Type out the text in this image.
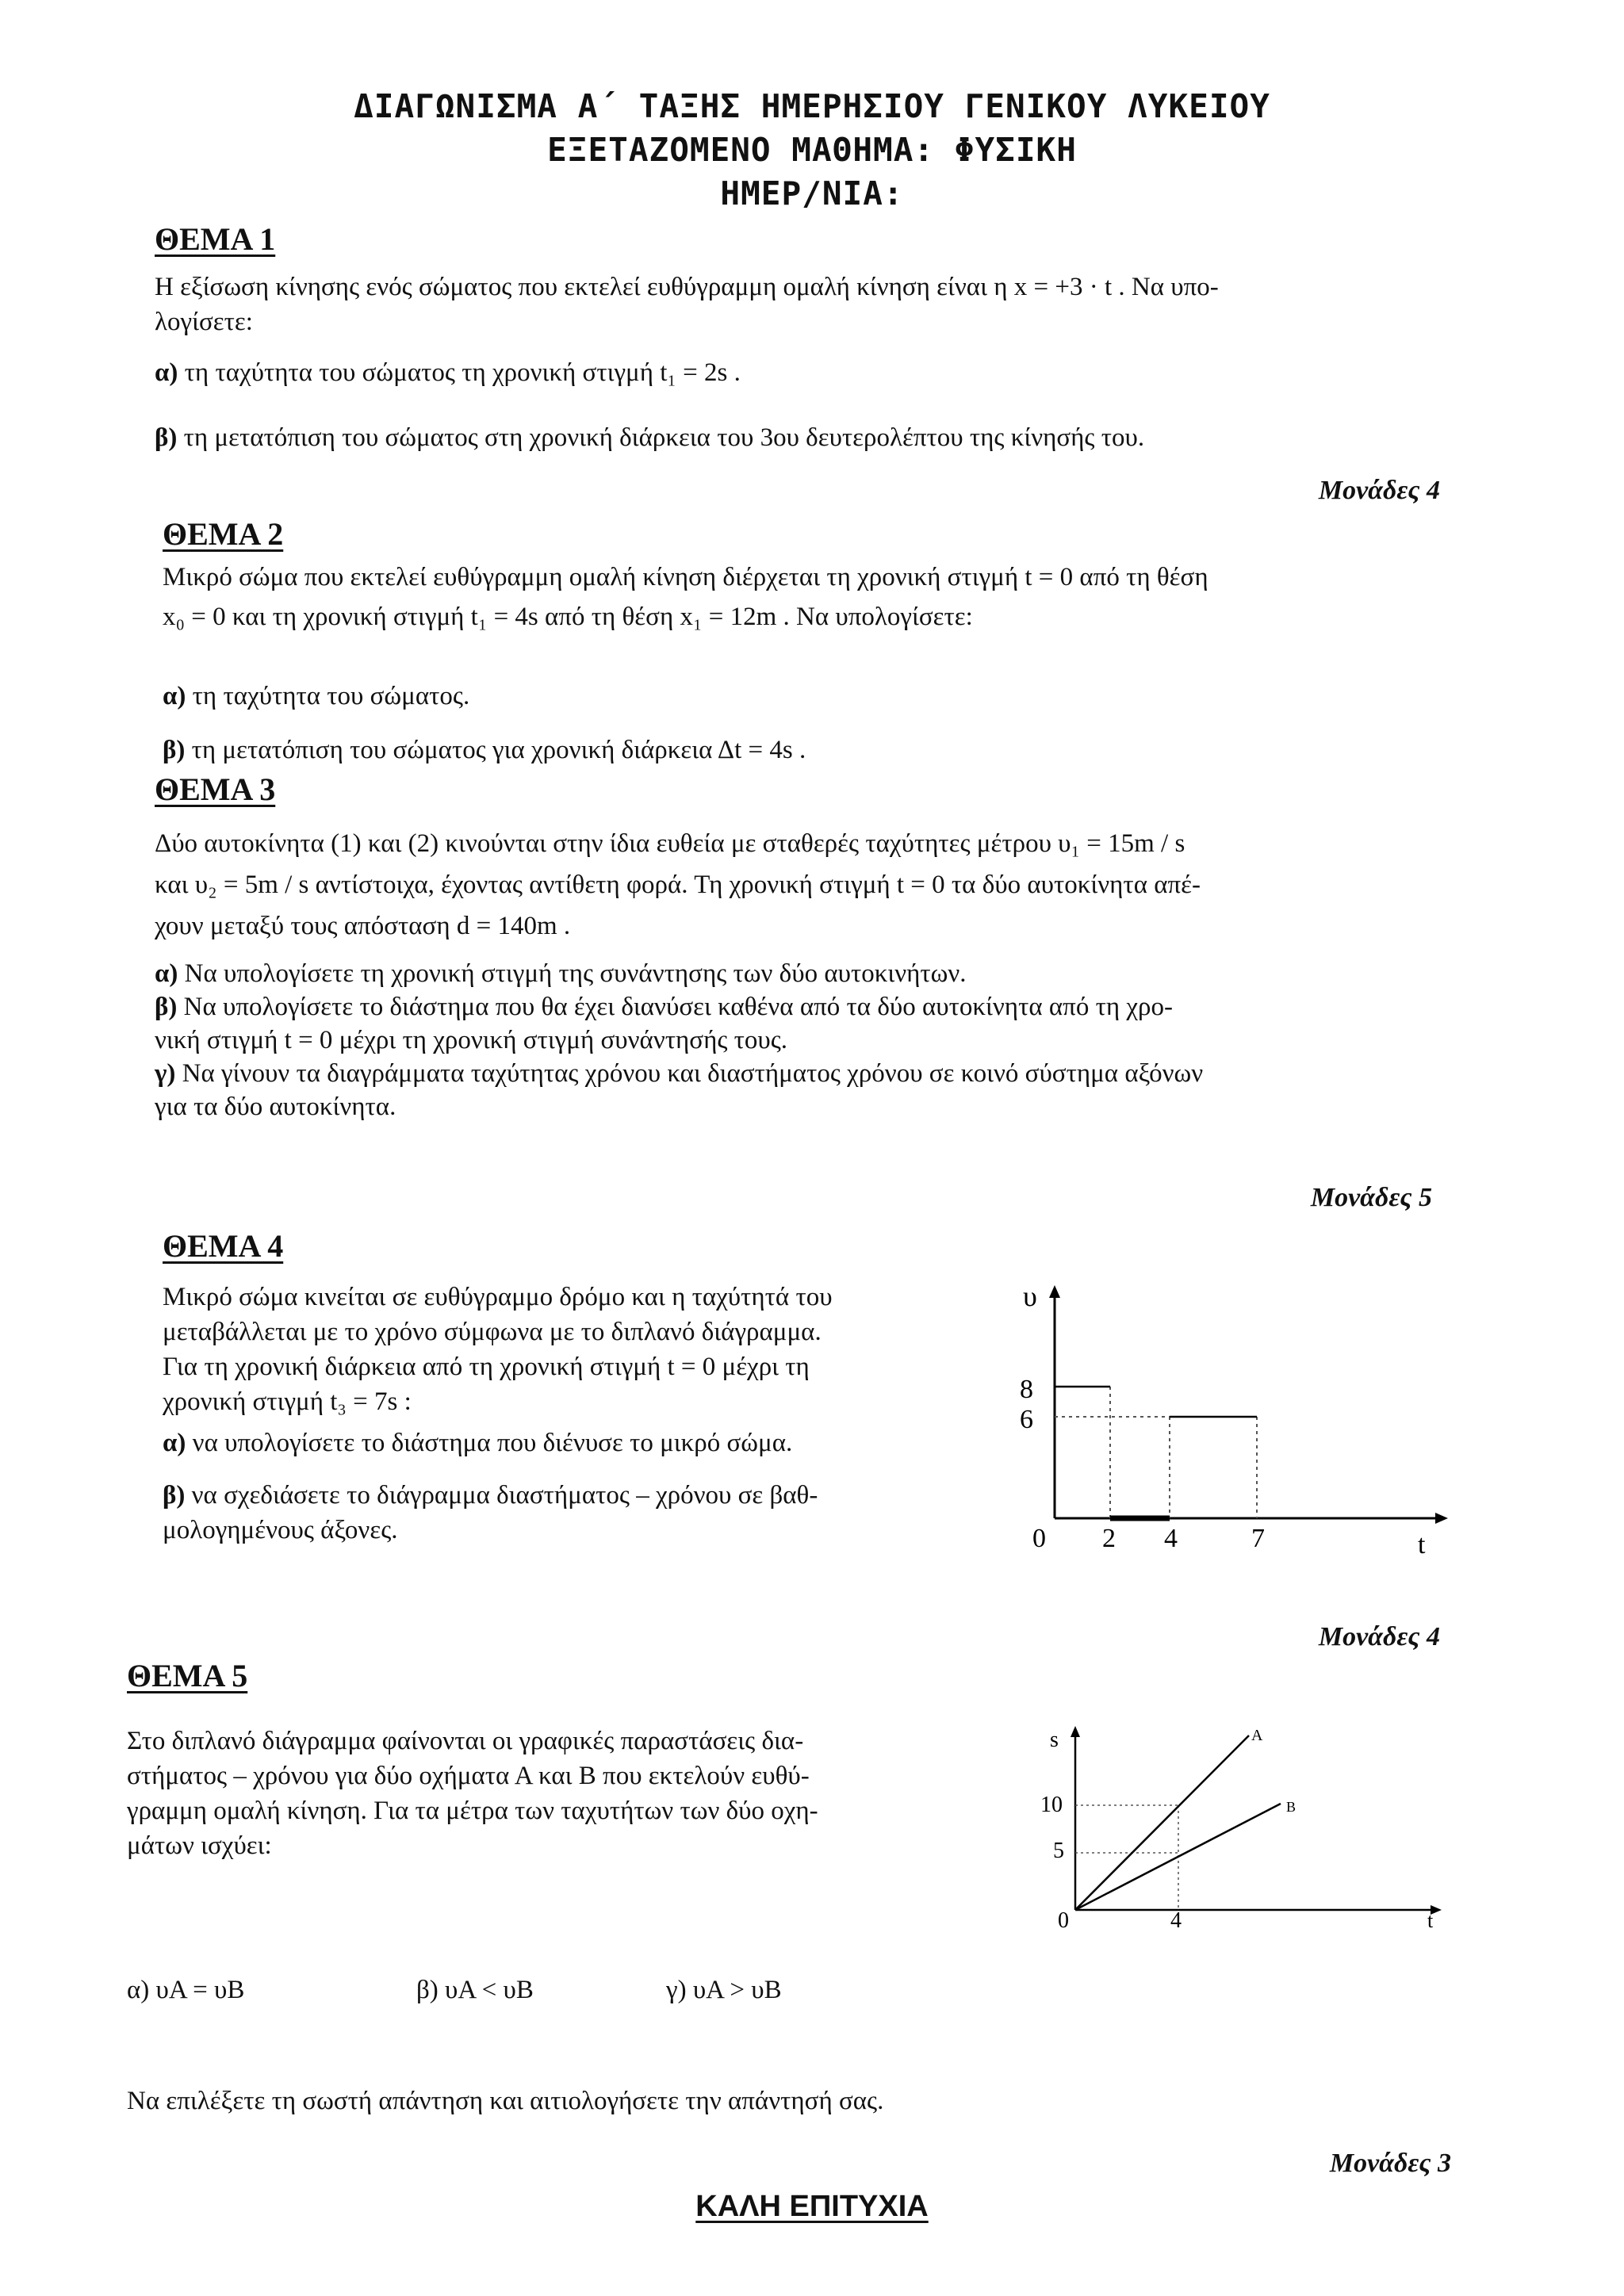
ΔΙΑΓΩΝΙΣΜΑ Α΄ ΤΑΞΗΣ ΗΜΕΡΗΣΙΟΥ ΓΕΝΙΚΟΥ ΛΥΚΕΙΟΥ
ΕΞΕΤΑΖΟΜΕΝΟ ΜΑΘΗΜΑ: ΦΥΣΙΚΗ
ΗΜΕΡ/ΝΙΑ:
ΘΕΜΑ 1
Η εξίσωση κίνησης ενός σώματος που εκτελεί ευθύγραμμη ομαλή κίνηση είναι η x = +3 · t . Να υπο-
λογίσετε:
α) τη ταχύτητα του σώματος τη χρονική στιγμή t₁ = 2s .
β) τη μετατόπιση του σώματος στη χρονική διάρκεια του 3ου δευτερολέπτου της κίνησής του.
Μονάδες 4
ΘΕΜΑ 2
Μικρό σώμα που εκτελεί ευθύγραμμη ομαλή κίνηση διέρχεται τη χρονική στιγμή t = 0 από τη θέση
x₀ = 0 και τη χρονική στιγμή t₁ = 4s από τη θέση x₁ = 12m . Να υπολογίσετε:
α) τη ταχύτητα του σώματος.
β) τη μετατόπιση του σώματος για χρονική διάρκεια Δt = 4s .
ΘΕΜΑ 3
Δύο αυτοκίνητα (1) και (2) κινούνται στην ίδια ευθεία με σταθερές ταχύτητες μέτρου υ₁ = 15m / s
και υ₂ = 5m / s αντίστοιχα, έχοντας αντίθετη φορά. Τη χρονική στιγμή t = 0 τα δύο αυτοκίνητα απέ-
χουν μεταξύ τους απόσταση d = 140m .
α) Να υπολογίσετε τη χρονική στιγμή της συνάντησης των δύο αυτοκινήτων.
β) Να υπολογίσετε το διάστημα που θα έχει διανύσει καθένα από τα δύο αυτοκίνητα από τη χρο-
νική στιγμή t = 0 μέχρι τη χρονική στιγμή συνάντησής τους.
γ) Να γίνουν τα διαγράμματα ταχύτητας χρόνου και διαστήματος χρόνου σε κοινό σύστημα αξόνων
για τα δύο αυτοκίνητα.
Μονάδες 5
ΘΕΜΑ 4
Μικρό σώμα κινείται σε ευθύγραμμο δρόμο και η ταχύτητά του
μεταβάλλεται με το χρόνο σύμφωνα με το διπλανό διάγραμμα.
Για τη χρονική διάρκεια από τη χρονική στιγμή t = 0 μέχρι τη
χρονική στιγμή t₃ = 7s :
α) να υπολογίσετε το διάστημα που διένυσε το μικρό σώμα.
β) να σχεδιάσετε το διάγραμμα διαστήματος – χρόνου σε βαθ-
μολογημένους άξονες.
υ
t
8
6
0 2 4	7
Μονάδες 4
ΘΕΜΑ 5
Στο διπλανό διάγραμμα φαίνονται οι γραφικές παραστάσεις δια-
στήματος – χρόνου για δύο οχήματα Α και Β που εκτελούν ευθύ-
γραμμη ομαλή κίνηση. Για τα μέτρα των ταχυτήτων των δύο οχη-
μάτων ισχύει:
s
t
10
5
0	4
A
B
α) υΑ = υΒ	β) υΑ < υΒ	γ) υΑ > υΒ
Να επιλέξετε τη σωστή απάντηση και αιτιολογήσετε την απάντησή σας.
Μονάδες 3
ΚΑΛΗ ΕΠΙΤΥΧΙΑ
